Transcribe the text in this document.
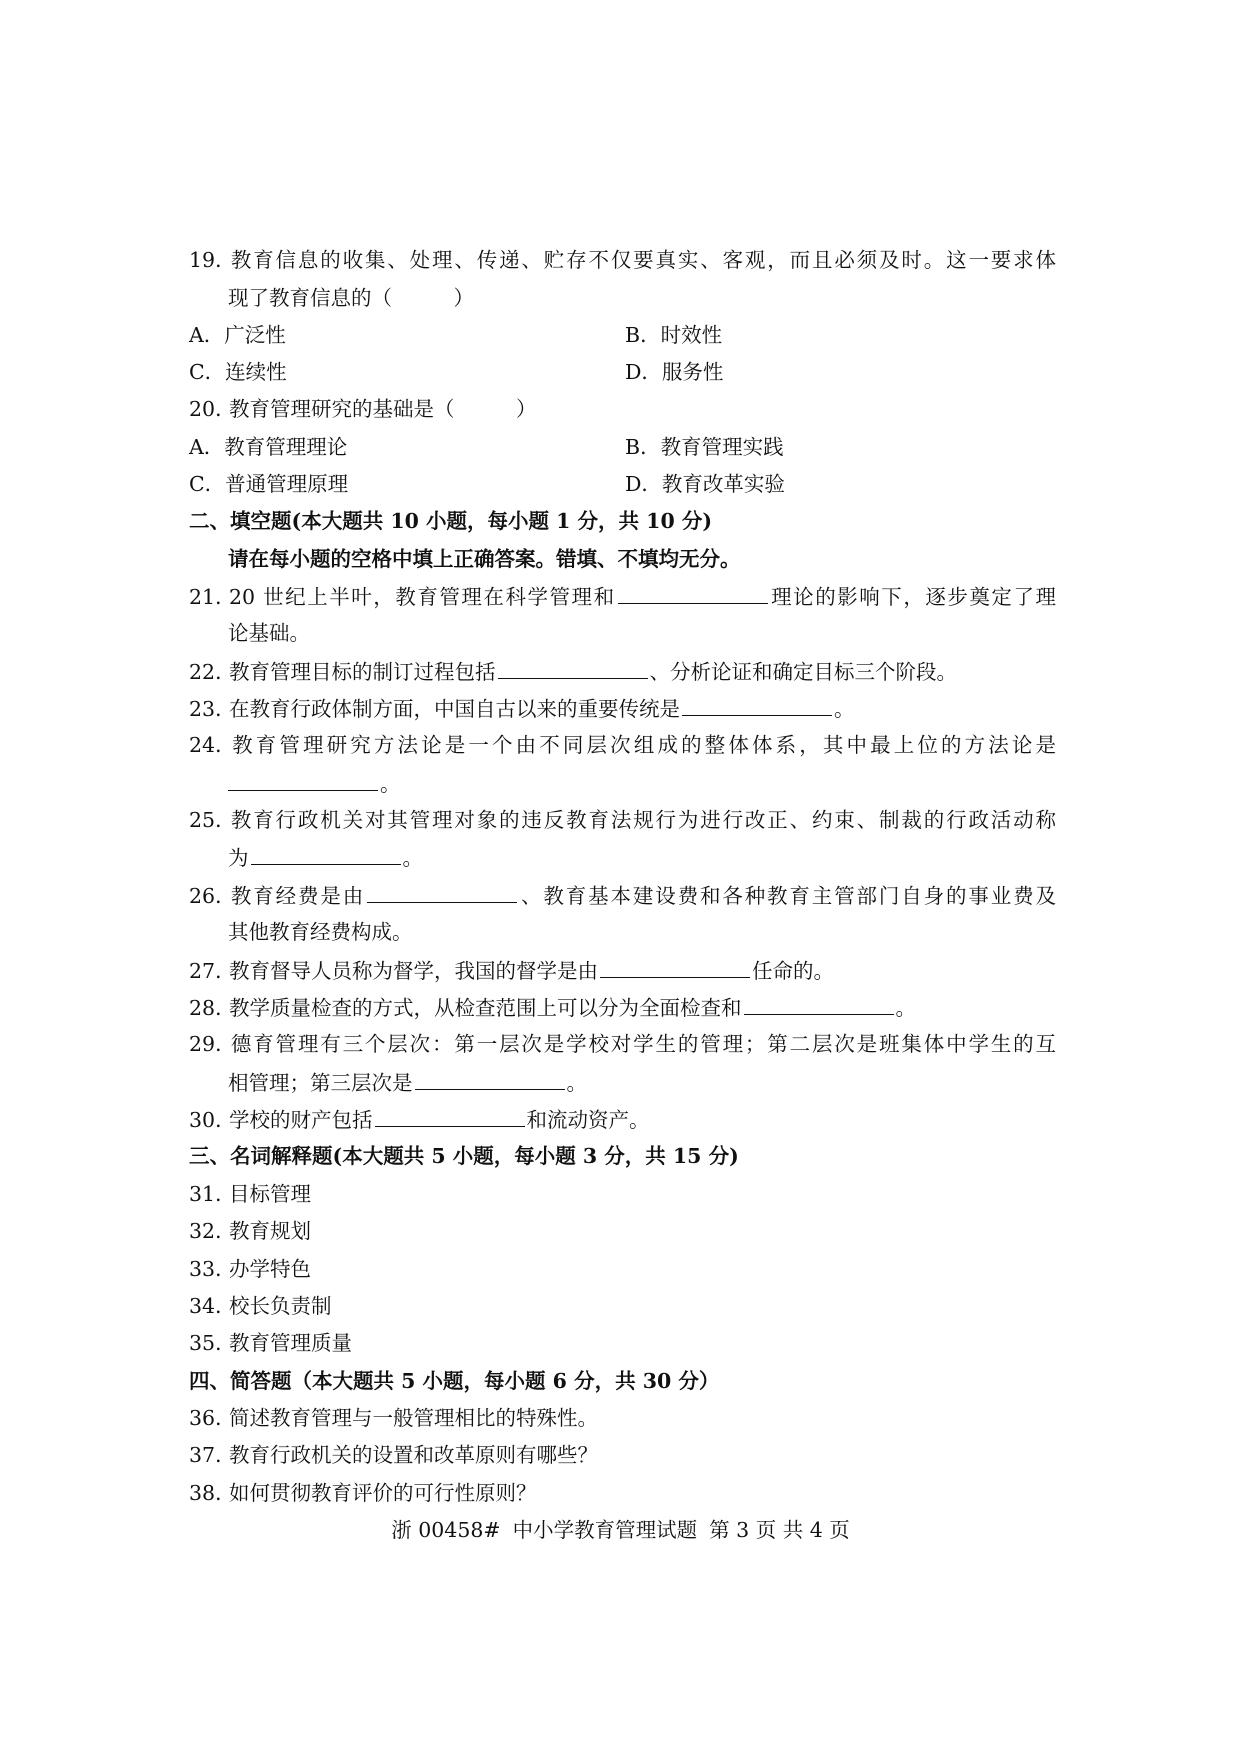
19．教育信息的收集、处理、传递、贮存不仅要真实、客观，而且必须及时。这一要求体
现了教育信息的（　　　）
A．广泛性	B．时效性
C．连续性	D．服务性
20．教育管理研究的基础是（　　　）
A．教育管理理论	B．教育管理实践
C．普通管理原理	D．教育改革实验
二、填空题(本大题共 10 小题，每小题 1 分，共 10 分)
请在每小题的空格中填上正确答案。错填、不填均无分。
21．20 世纪上半叶，教育管理在科学管理和	理论的影响下，逐步奠定了理
论基础。
22．教育管理目标的制订过程包括	、分析论证和确定目标三个阶段。
23．在教育行政体制方面，中国自古以来的重要传统是	。
24．教育管理研究方法论是一个由不同层次组成的整体体系，其中最上位的方法论是
。
25．教育行政机关对其管理对象的违反教育法规行为进行改正、约束、制裁的行政活动称
为	。
26．教育经费是由	、教育基本建设费和各种教育主管部门自身的事业费及
其他教育经费构成。
27．教育督导人员称为督学，我国的督学是由	任命的。
28．教学质量检查的方式，从检查范围上可以分为全面检查和	。
29．德育管理有三个层次：第一层次是学校对学生的管理；第二层次是班集体中学生的互
相管理；第三层次是	。
30．学校的财产包括	和流动资产。
三、名词解释题(本大题共 5 小题，每小题 3 分，共 15 分)
31．目标管理
32．教育规划
33．办学特色
34．校长负责制
35．教育管理质量
四、简答题（本大题共 5 小题，每小题 6 分，共 30 分）
36．简述教育管理与一般管理相比的特殊性。
37．教育行政机关的设置和改革原则有哪些？
38．如何贯彻教育评价的可行性原则？
浙 00458# 中小学教育管理试题 第 3 页 共 4 页
